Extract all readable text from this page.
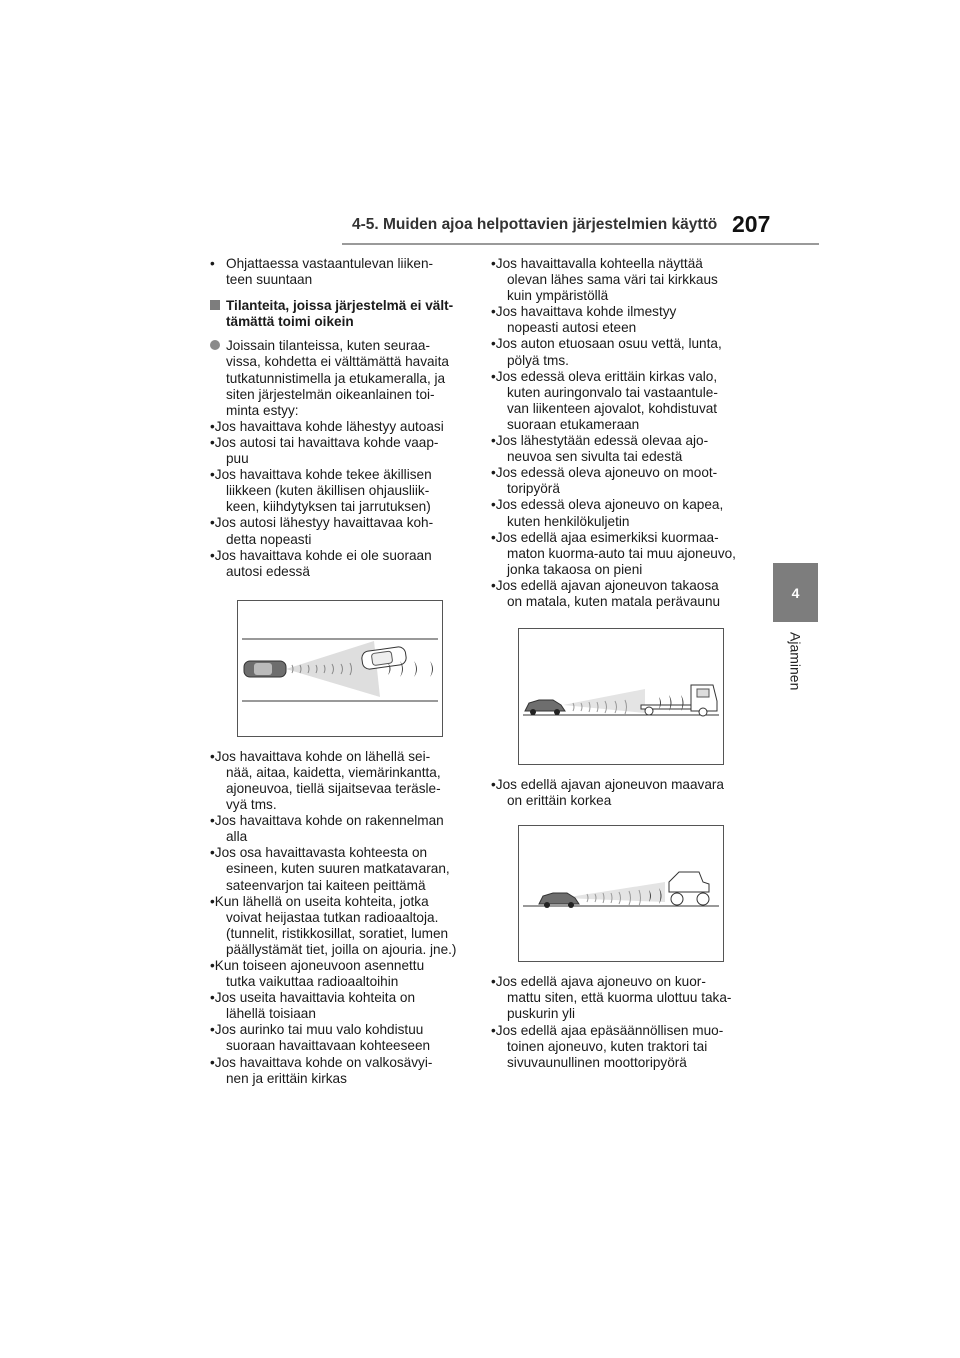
4-5. Muiden ajoa helpottavien järjestelmien käyttö 207
4
Ajaminen

• Ohjattaessa vastaantulevan liiken-
teen suuntaan

Tilanteita, joissa järjestelmä ei vält-
tämättä toimi oikein

Joissain tilanteissa, kuten seuraa-
vissa, kohdetta ei välttämättä havaita
tutkatunnistimella ja etukameralla, ja
siten järjestelmän oikeanlainen toi-
minta estyy:

•Jos havaittava kohde lähestyy autoasi

•Jos autosi tai havaittava kohde vaap-
puu

•Jos havaittava kohde tekee äkillisen
liikkeen (kuten äkillisen ohjausliik-
keen, kiihdytyksen tai jarrutuksen)

•Jos autosi lähestyy havaittavaa koh-
detta nopeasti

•Jos havaittava kohde ei ole suoraan
autosi edessä

•Jos havaittava kohde on lähellä sei-
nää, aitaa, kaidetta, viemärinkantta,
ajoneuvoa, tiellä sijaitsevaa teräsle-
vyä tms.

•Jos havaittava kohde on rakennelman
alla

•Jos osa havaittavasta kohteesta on
esineen, kuten suuren matkatavaran,
sateenvarjon tai kaiteen peittämä

•Kun lähellä on useita kohteita, jotka
voivat heijastaa tutkan radioaaltoja.
(tunnelit, ristikkosillat, soratiet, lumen
päällystämät tiet, joilla on ajouria. jne.)

•Kun toiseen ajoneuvoon asennettu
tutka vaikuttaa radioaaltoihin

•Jos useita havaittavia kohteita on
lähellä toisiaan

•Jos aurinko tai muu valo kohdistuu
suoraan havaittavaan kohteeseen

•Jos havaittava kohde on valkosävyi-
nen ja erittäin kirkas

•Jos havaittavalla kohteella näyttää
olevan lähes sama väri tai kirkkaus
kuin ympäristöllä

•Jos havaittava kohde ilmestyy
nopeasti autosi eteen

•Jos auton etuosaan osuu vettä, lunta,
pölyä tms.

•Jos edessä oleva erittäin kirkas valo,
kuten auringonvalo tai vastaantule-
van liikenteen ajovalot, kohdistuvat
suoraan etukameraan

•Jos lähestytään edessä olevaa ajo-
neuvoa sen sivulta tai edestä

•Jos edessä oleva ajoneuvo on moot-
toripyörä

•Jos edessä oleva ajoneuvo on kapea,
kuten henkilökuljetin

•Jos edellä ajaa esimerkiksi kuormaa-
maton kuorma-auto tai muu ajoneuvo,
jonka takaosa on pieni

•Jos edellä ajavan ajoneuvon takaosa
on matala, kuten matala perävaunu

•Jos edellä ajavan ajoneuvon maavara
on erittäin korkea

•Jos edellä ajava ajoneuvo on kuor-
mattu siten, että kuorma ulottuu taka-
puskurin yli

•Jos edellä ajaa epäsäännöllisen muo-
toinen ajoneuvo, kuten traktori tai
sivuvaunullinen moottoripyörä
